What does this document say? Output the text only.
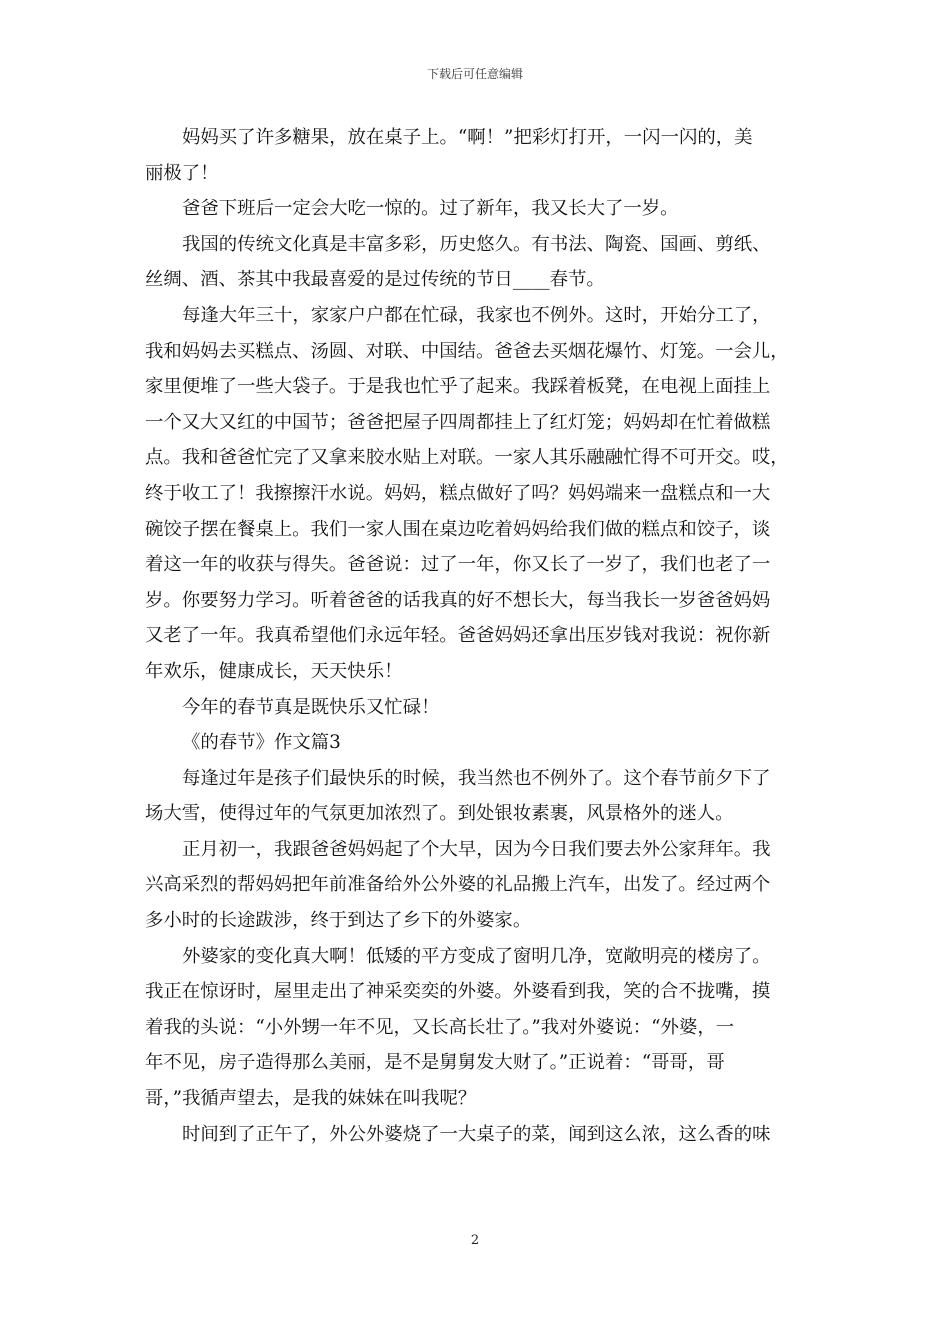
下载后可任意编辑
妈妈买了许多糖果，放在桌子上。“啊！”把彩灯打开，一闪一闪的，美
丽极了！
爸爸下班后一定会大吃一惊的。过了新年，我又长大了一岁。
我国的传统文化真是丰富多彩，历史悠久。有书法、陶瓷、国画、剪纸、
丝绸、酒、茶其中我最喜爱的是过传统的节日____春节。
每逢大年三十，家家户户都在忙碌，我家也不例外。这时，开始分工了，
我和妈妈去买糕点、汤圆、对联、中国结。爸爸去买烟花爆竹、灯笼。一会儿，
家里便堆了一些大袋子。于是我也忙乎了起来。我踩着板凳，在电视上面挂上
一个又大又红的中国节；爸爸把屋子四周都挂上了红灯笼；妈妈却在忙着做糕
点。我和爸爸忙完了又拿来胶水贴上对联。一家人其乐融融忙得不可开交。哎，
终于收工了！我擦擦汗水说。妈妈，糕点做好了吗？妈妈端来一盘糕点和一大
碗饺子摆在餐桌上。我们一家人围在桌边吃着妈妈给我们做的糕点和饺子，谈
着这一年的收获与得失。爸爸说：过了一年，你又长了一岁了，我们也老了一
岁。你要努力学习。听着爸爸的话我真的好不想长大，每当我长一岁爸爸妈妈
又老了一年。我真希望他们永远年轻。爸爸妈妈还拿出压岁钱对我说：祝你新
年欢乐，健康成长，天天快乐！
今年的春节真是既快乐又忙碌！
《的春节》作文篇3
每逢过年是孩子们最快乐的时候，我当然也不例外了。这个春节前夕下了
场大雪，使得过年的气氛更加浓烈了。到处银妆素裹，风景格外的迷人。
正月初一，我跟爸爸妈妈起了个大早，因为今日我们要去外公家拜年。我
兴高采烈的帮妈妈把年前准备给外公外婆的礼品搬上汽车，出发了。经过两个
多小时的长途跋涉，终于到达了乡下的外婆家。
外婆家的变化真大啊！低矮的平方变成了窗明几净，宽敞明亮的楼房了。
我正在惊讶时，屋里走出了神采奕奕的外婆。外婆看到我，笑的合不拢嘴，摸
着我的头说：“小外甥一年不见，又长高长壮了。”我对外婆说：“外婆，一
年不见，房子造得那么美丽，是不是舅舅发大财了。”正说着：“哥哥，哥
哥，”我循声望去，是我的妹妹在叫我呢？
时间到了正午了，外公外婆烧了一大桌子的菜，闻到这么浓，这么香的味
2
